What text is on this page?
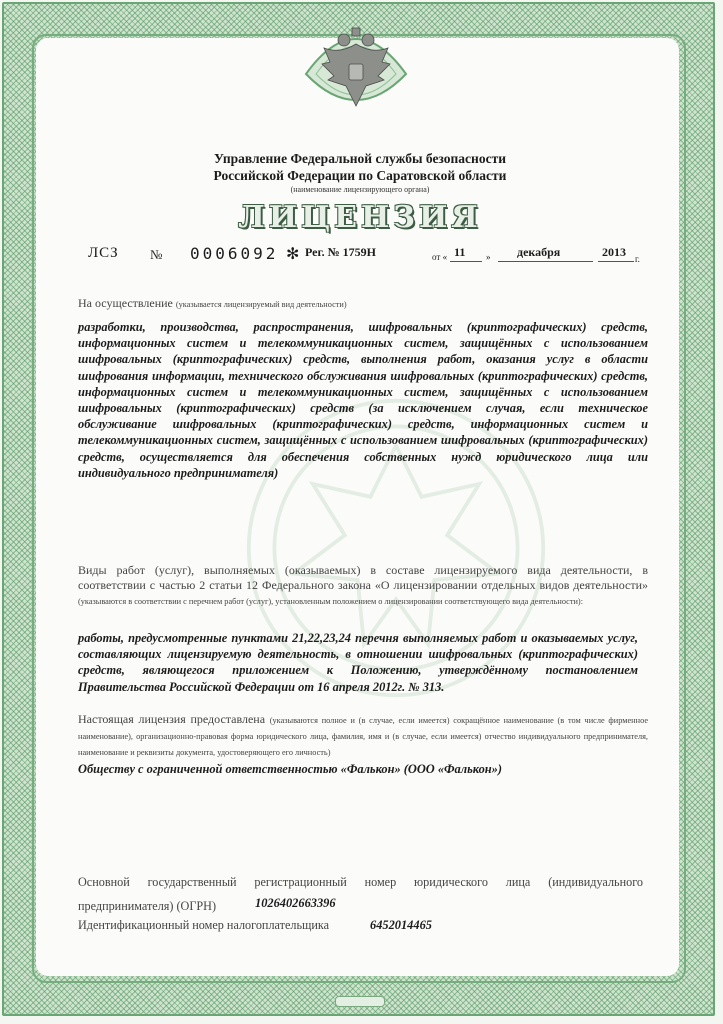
Управление Федеральной службы безопасности
Российской Федерации по Саратовской области
(наименование лицензирующего органа)
ЛИЦЕНЗИЯ
ЛСЗ № 0006092 ✻ Рег. № 1759Н	от « 11 » декабря	2013 г.
На осуществление (указывается лицензируемый вид деятельности)
разработки, производства, распространения, шифровальных (криптографических) средств, информационных систем и телекоммуникационных систем, защищённых с использованием шифровальных (криптографических) средств, выполнения работ, оказания услуг в области шифрования информации, технического обслуживания шифровальных (криптографических) средств, информационных систем и телекоммуникационных систем, защищённых с использованием шифровальных (криптографических) средств (за исключением случая, если техническое обслуживание шифровальных (криптографических) средств, информационных систем и телекоммуникационных систем, защищённых с использованием шифровальных (криптографических) средств, осуществляется для обеспечения собственных нужд юридического лица или индивидуального предпринимателя)
Виды работ (услуг), выполняемых (оказываемых) в составе лицензируемого вида деятельности, в соответствии с частью 2 статьи 12 Федерального закона «О лицензировании отдельных видов деятельности» (указываются в соответствии с перечнем работ (услуг), установленным положением о лицензировании соответствующего вида деятельности):
работы, предусмотренные пунктами 21,22,23,24 перечня выполняемых работ и оказываемых услуг, составляющих лицензируемую деятельность, в отношении шифровальных (криптографических) средств, являющегося приложением к Положению, утверждённому постановлением Правительства Российской Федерации от 16 апреля 2012г. № 313.
Настоящая лицензия предоставлена (указываются полное и (в случае, если имеется) сокращённое наименование (в том числе фирменное наименование), организационно-правовая форма юридического лица, фамилия, имя и (в случае, если имеется) отчество индивидуального предпринимателя, наименование и реквизиты документа, удостоверяющего его личность)
Обществу с ограниченной ответственностью «Фалькон» (ООО «Фалькон»)
Основной государственный регистрационный номер юридического лица (индивидуального предпринимателя) (ОГРН)	1026402663396
Идентификационный номер налогоплательщика	6452014465
